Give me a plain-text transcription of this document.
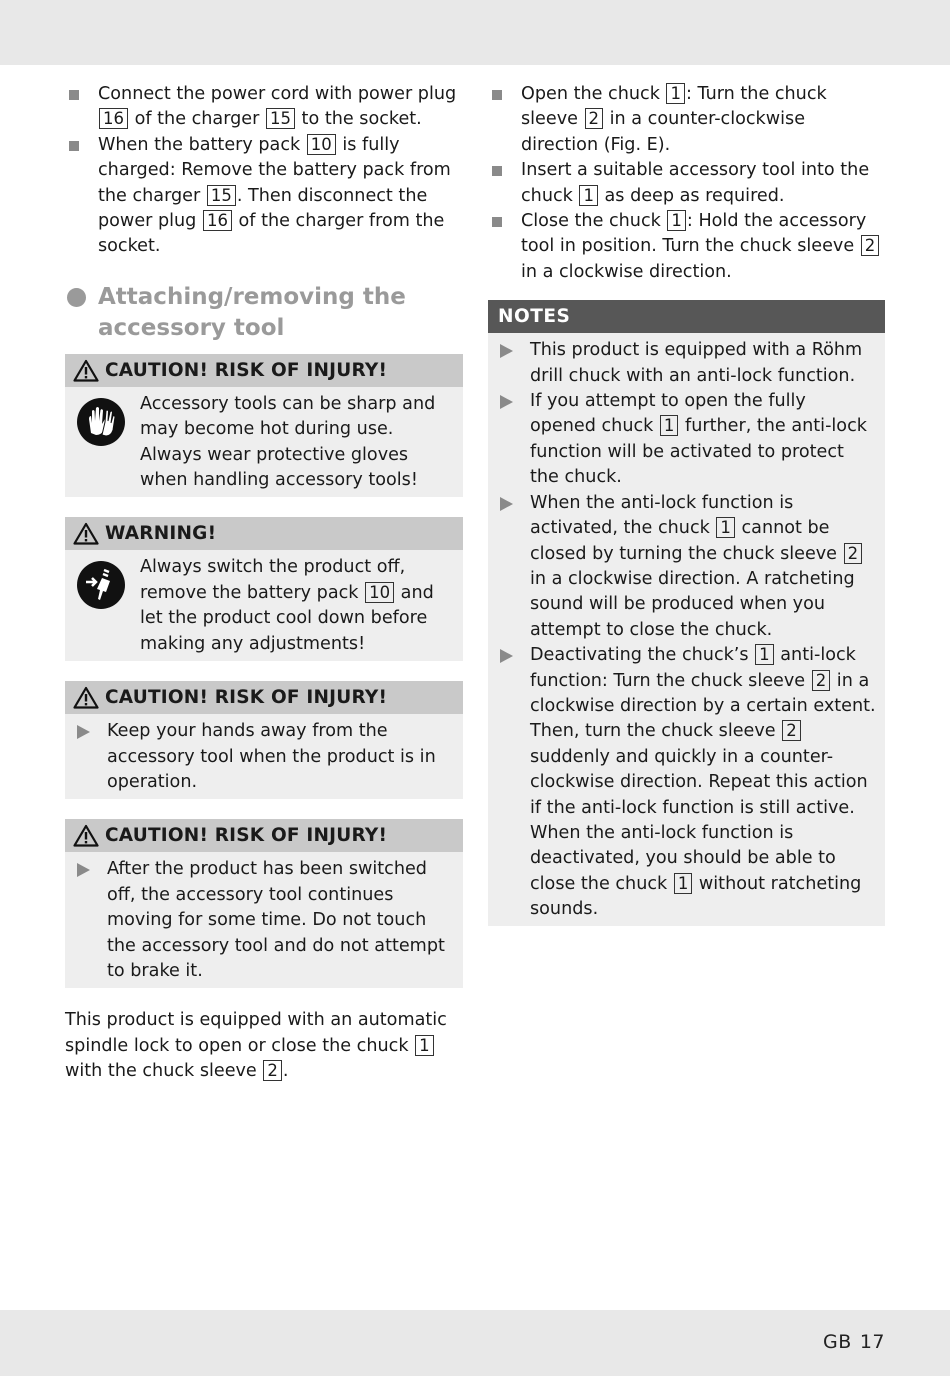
Connect the power cord with power plug 16 of the charger 15 to the socket.
When the battery pack 10 is fully charged: Remove the battery pack from the charger 15 . Then disconnect the power plug 16 of the charger from the socket.
Attaching/removing the accessory tool
CAUTION! RISK OF INJURY!
Accessory tools can be sharp and may become hot during use. Always wear protective gloves when handling accessory tools!
WARNING!
Always switch the product off, remove the battery pack 10 and let the product cool down before making any adjustments!
CAUTION! RISK OF INJURY!
Keep your hands away from the accessory tool when the product is in operation.
CAUTION! RISK OF INJURY!
After the product has been switched off, the accessory tool continues moving for some time. Do not touch the accessory tool and do not attempt to brake it.
This product is equipped with an automatic spindle lock to open or close the chuck 1 with the chuck sleeve 2 .
Open the chuck 1 : Turn the chuck sleeve 2 in a counter-clockwise direction (Fig. E).
Insert a suitable accessory tool into the chuck 1 as deep as required.
Close the chuck 1 : Hold the accessory tool in position. Turn the chuck sleeve 2 in a clockwise direction.
NOTES
This product is equipped with a Röhm drill chuck with an anti-lock function.
If you attempt to open the fully opened chuck 1 further, the anti-lock function will be activated to protect the chuck.
When the anti-lock function is activated, the chuck 1 cannot be closed by turning the chuck sleeve 2 in a clockwise direction. A ratcheting sound will be produced when you attempt to close the chuck.
Deactivating the chuck’s 1 anti-lock function: Turn the chuck sleeve 2 in a clockwise direction by a certain extent. Then, turn the chuck sleeve 2 suddenly and quickly in a counter-clockwise direction. Repeat this action if the anti-lock function is still active. When the anti-lock function is deactivated, you should be able to close the chuck 1 without ratcheting sounds.
GB 17
